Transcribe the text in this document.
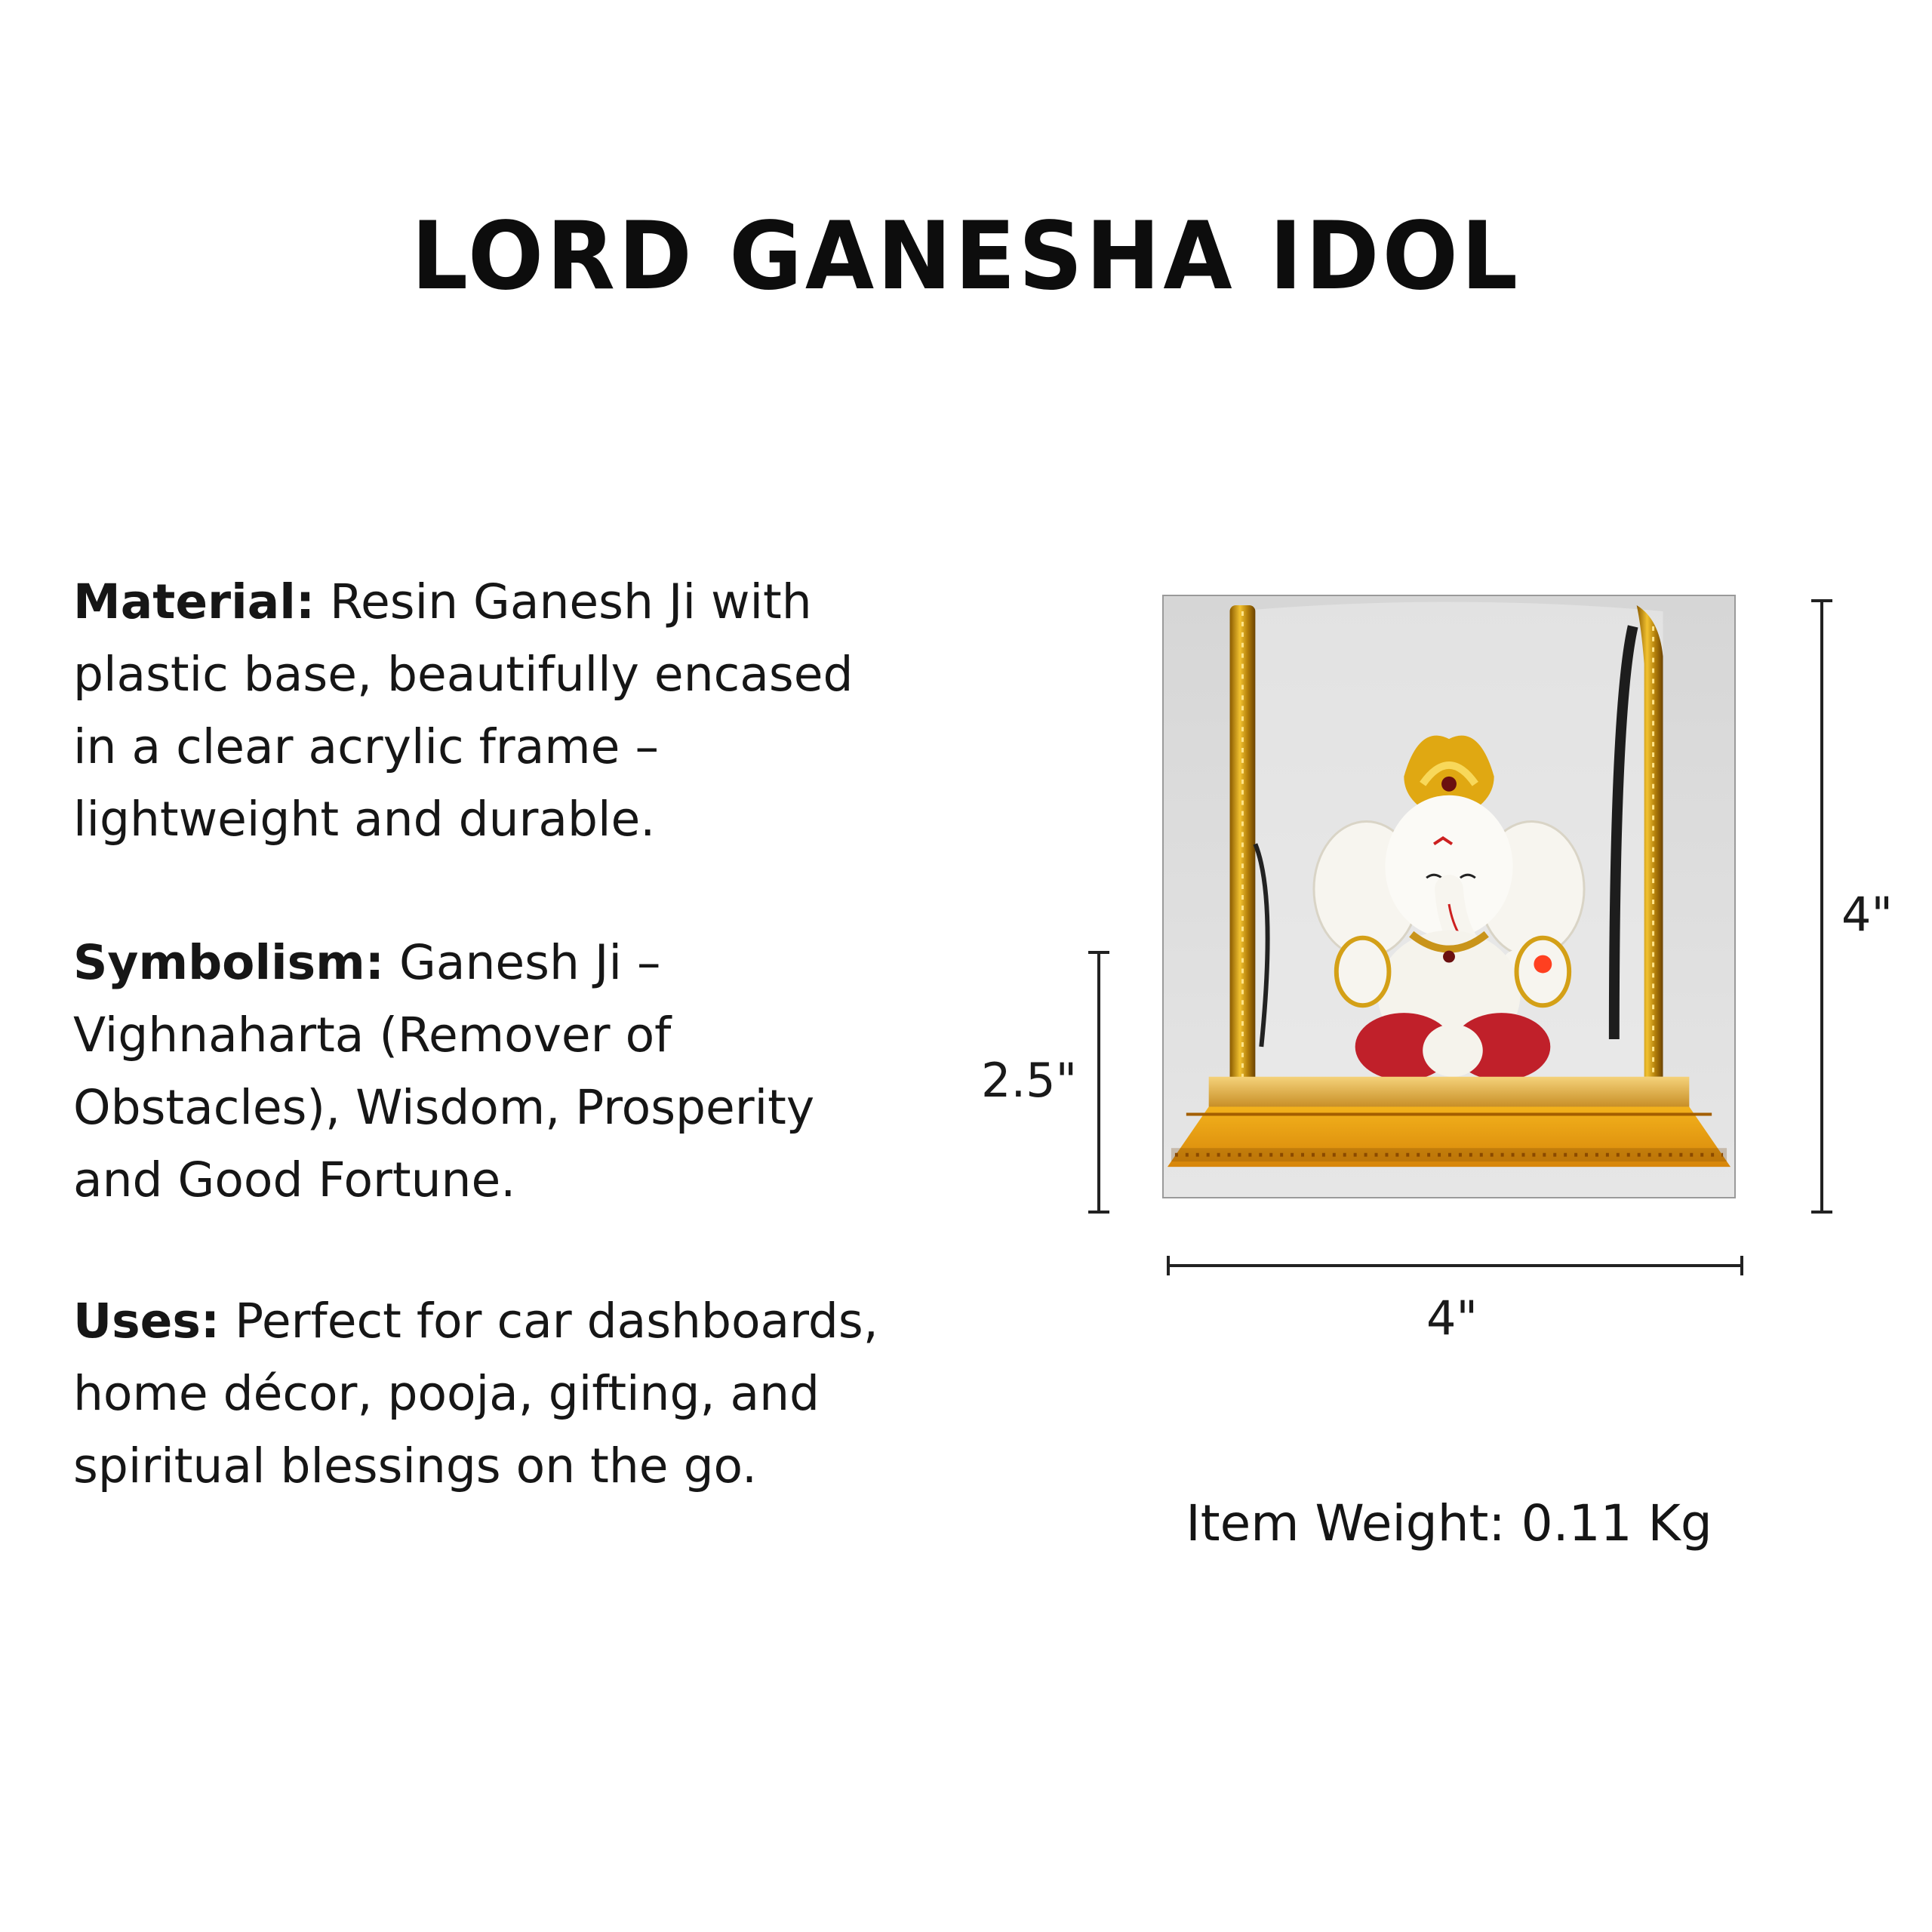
LORD GANESHA IDOL
Material: Resin Ganesh Ji with plastic base, beautifully encased in a clear acrylic frame – lightweight and durable.
Symbolism: Ganesh Ji – Vighnaharta (Remover of Obstacles), Wisdom, Prosperity and Good Fortune.
Uses: Perfect for car dashboards, home décor, pooja, gifting, and spiritual blessings on the go.
4"
2.5"
4"
Item Weight: 0.11 Kg
